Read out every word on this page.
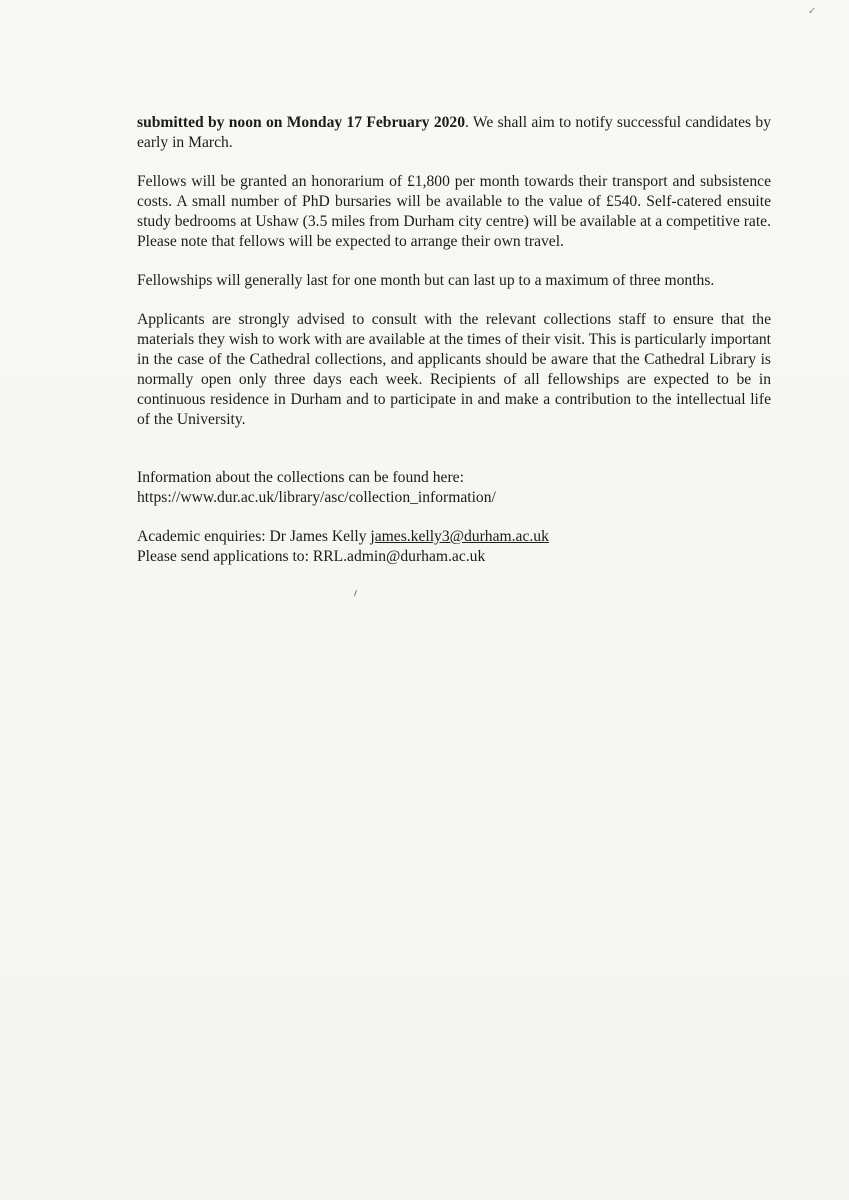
✓

submitted by noon on Monday 17 February 2020. We shall aim to notify successful candidates by early in March.

Fellows will be granted an honorarium of £1,800 per month towards their transport and subsistence costs. A small number of PhD bursaries will be available to the value of £540. Self-catered ensuite study bedrooms at Ushaw (3.5 miles from Durham city centre) will be available at a competitive rate. Please note that fellows will be expected to arrange their own travel.

Fellowships will generally last for one month but can last up to a maximum of three months.

Applicants are strongly advised to consult with the relevant collections staff to ensure that the materials they wish to work with are available at the times of their visit. This is particularly important in the case of the Cathedral collections, and applicants should be aware that the Cathedral Library is normally open only three days each week. Recipients of all fellowships are expected to be in continuous residence in Durham and to participate in and make a contribution to the intellectual life of the University.

Information about the collections can be found here:
https://www.dur.ac.uk/library/asc/collection_information/

Academic enquiries: Dr James Kelly james.kelly3@durham.ac.uk
Please send applications to: RRL.admin@durham.ac.uk
